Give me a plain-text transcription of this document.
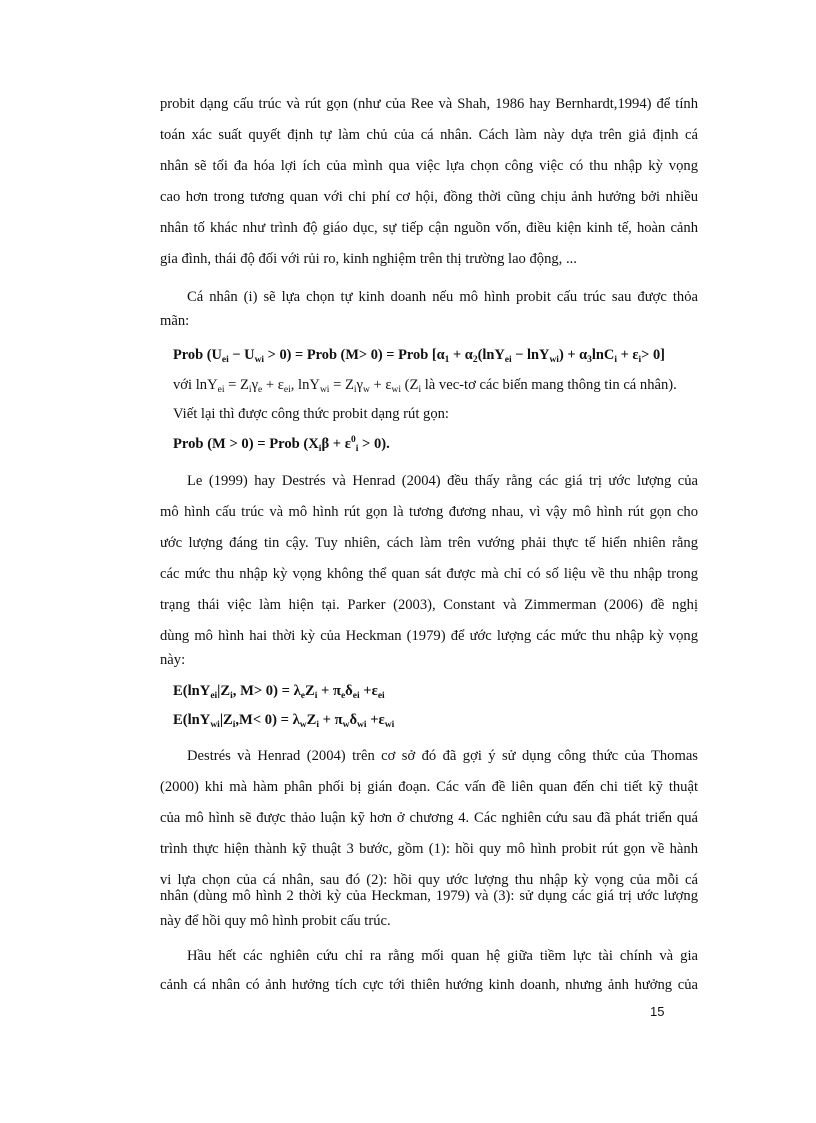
probit dạng cấu trúc và rút gọn (như của Ree và Shah, 1986 hay Bernhardt,1994) để tính
toán xác suất quyết định tự làm chủ của cá nhân. Cách làm này dựa trên giả định cá
nhân sẽ tối đa hóa lợi ích của mình qua việc lựa chọn công việc có thu nhập kỳ vọng
cao hơn trong tương quan với chi phí cơ hội, đồng thời cũng chịu ảnh hưởng bởi nhiều
nhân tố khác như trình độ giáo dục, sự tiếp cận nguồn vốn, điều kiện kinh tế, hoàn cảnh
gia đình, thái độ đối với rủi ro, kinh nghiệm trên thị trường lao động, ...
Cá nhân (i) sẽ lựa chọn tự kinh doanh nếu mô hình probit cấu trúc sau được thỏa
mãn:
Prob $(U_{ei} - U_{wi} > 0)$ = Prob (M> 0) = Prob $[\alpha_1 + \alpha_2(\ln Y_{ei} - \ln Y_{wi}) + \alpha_3\ln C_i + \varepsilon_i> 0]$
với $\ln Y_{ei} = Z_i\gamma_e + \varepsilon_{ei}$, $\ln Y_{wi} = Z_i\gamma_w + \varepsilon_{wi}$ ($Z_i$ là vec-tơ các biến mang thông tin cá nhân).
Viết lại thì được công thức probit dạng rút gọn:
Prob (M > 0) = Prob $(X_i\beta + \varepsilon^0_i > 0)$.
Le (1999) hay Destrés và Henrad (2004) đều thấy rằng các giá trị ước lượng của
mô hình cấu trúc và mô hình rút gọn là tương đương nhau, vì vậy mô hình rút gọn cho
ước lượng đáng tin cậy. Tuy nhiên, cách làm trên vướng phải thực tế hiển nhiên rằng
các mức thu nhập kỳ vọng không thể quan sát được mà chỉ có số liệu về thu nhập trong
trạng thái việc làm hiện tại. Parker (2003), Constant và Zimmerman (2006) đề nghị
dùng mô hình hai thời kỳ của Heckman (1979) để ước lượng các mức thu nhập kỳ vọng
này:
$E(\ln Y_{ei}|Z_i$, $M> 0) = \lambda_eZ_i + \pi_e\delta_{ei} +\varepsilon_{ei}$
$E(\ln Y_{wi}|Z_i,M< 0) = \lambda_wZ_i + \pi_w\delta_{wi} +\varepsilon_{wi}$
Destrés và Henrad (2004) trên cơ sở đó đã gợi ý sử dụng công thức của Thomas
(2000) khi mà hàm phân phối bị gián đoạn. Các vấn đề liên quan đến chi tiết kỹ thuật
của mô hình sẽ được thảo luận kỹ hơn ở chương 4. Các nghiên cứu sau đã phát triển quá
trình thực hiện thành kỹ thuật 3 bước, gồm (1): hồi quy mô hình probit rút gọn về hành
vi lựa chọn của cá nhân, sau đó (2): hồi quy ước lượng thu nhập kỳ vọng của mỗi cá
nhân (dùng mô hình 2 thời kỳ của Heckman, 1979) và (3): sử dụng các giá trị ước lượng
này để hồi quy mô hình probit cấu trúc.
Hầu hết các nghiên cứu chỉ ra rằng mối quan hệ giữa tiềm lực tài chính và gia
cảnh cá nhân có ảnh hưởng tích cực tới thiên hướng kinh doanh, nhưng ảnh hưởng của
15
